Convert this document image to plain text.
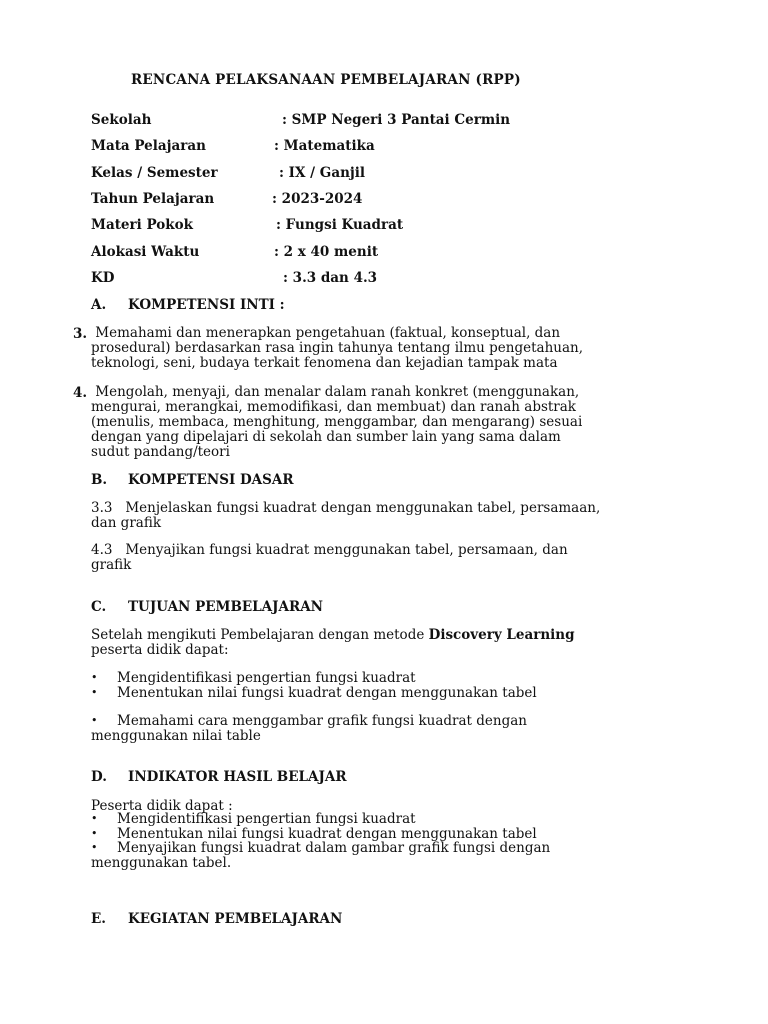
RENCANA PELAKSANAAN PEMBELAJARAN (RPP)
Sekolah	: SMP Negeri 3 Pantai Cermin
Mata Pelajaran	: Matematika
Kelas / Semester	: IX / Ganjil
Tahun Pelajaran	: 2023-2024
Materi Pokok	: Fungsi Kuadrat
Alokasi Waktu	: 2 x 40 menit
KD	: 3.3 dan 4.3
A. KOMPETENSI INTI :
3. Memahami dan menerapkan pengetahuan (faktual, konseptual, dan
prosedural) berdasarkan rasa ingin tahunya tentang ilmu pengetahuan,
teknologi, seni, budaya terkait fenomena dan kejadian tampak mata
4. Mengolah, menyaji, dan menalar dalam ranah konkret (menggunakan,
mengurai, merangkai, memodifikasi, dan membuat) dan ranah abstrak
(menulis, membaca, menghitung, menggambar, dan mengarang) sesuai
dengan yang dipelajari di sekolah dan sumber lain yang sama dalam
sudut pandang/teori
B. KOMPETENSI DASAR
3.3   Menjelaskan fungsi kuadrat dengan menggunakan tabel, persamaan,
dan grafik
4.3   Menyajikan fungsi kuadrat menggunakan tabel, persamaan, dan
grafik
C. TUJUAN PEMBELAJARAN
Setelah mengikuti Pembelajaran dengan metode Discovery Learning
peserta didik dapat:
• Mengidentifikasi pengertian fungsi kuadrat
• Menentukan nilai fungsi kuadrat dengan menggunakan tabel
• Memahami cara menggambar grafik fungsi kuadrat dengan
menggunakan nilai table
D. INDIKATOR HASIL BELAJAR
Peserta didik dapat :
• Mengidentifikasi pengertian fungsi kuadrat
• Menentukan nilai fungsi kuadrat dengan menggunakan tabel
• Menyajikan fungsi kuadrat dalam gambar grafik fungsi dengan
menggunakan tabel.
E. KEGIATAN PEMBELAJARAN
